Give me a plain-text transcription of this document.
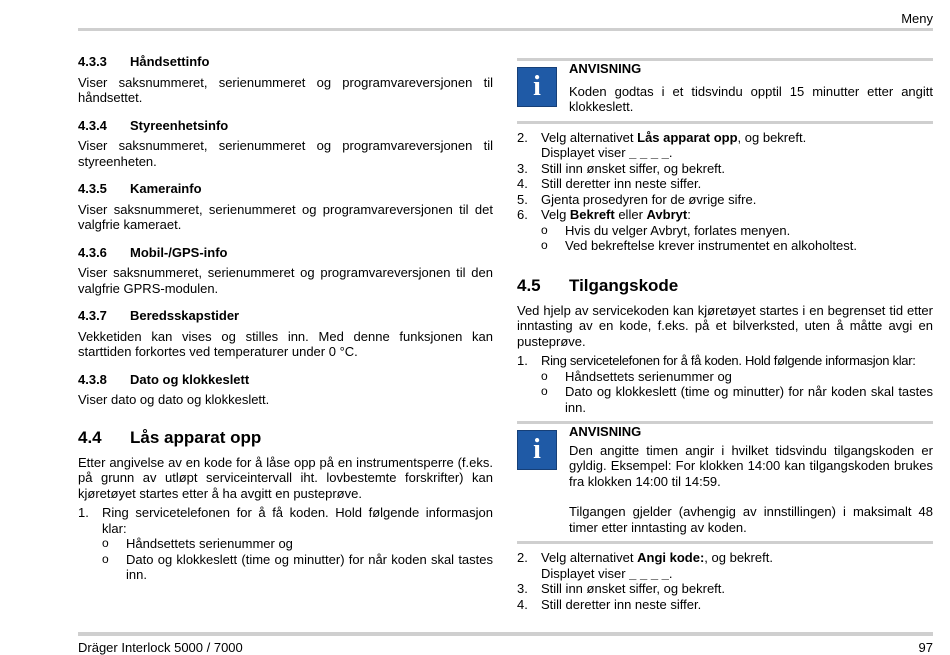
Meny
4.3.3	Håndsettinfo
Viser saksnummeret, serienummeret og programvareversjonen til håndsettet.
4.3.4	Styreenhetsinfo
Viser saksnummeret, serienummeret og programvareversjonen til styreenheten.
4.3.5	Kamerainfo
Viser saksnummeret, serienummeret og programvareversjonen til det valgfrie kameraet.
4.3.6	Mobil-/GPS-info
Viser saksnummeret, serienummeret og programvareversjonen til den valgfrie GPRS-modulen.
4.3.7	Beredsskapstider
Vekketiden kan vises og stilles inn. Med denne funksjonen kan starttiden forkortes ved temperaturer under 0 °C.
4.3.8	Dato og klokkeslett
Viser dato og dato og klokkeslett.
4.4	Lås apparat opp
Etter angivelse av en kode for å låse opp på en instrumentsperre (f.eks. på grunn av utløpt serviceintervall iht. lovbestemte forskrifter) kan kjøretøyet startes etter å ha avgitt en pusteprøve.
1.	Ring servicetelefonen for å få koden. Hold følgende informasjon klar:
o	Håndsettets serienummer og
o	Dato og klokkeslett (time og minutter) for når koden skal tastes inn.
i
ANVISNING
Koden godtas i et tidsvindu opptil 15 minutter etter angitt klokkeslett.
2.	Velg alternativet Lås apparat opp, og bekreft.
Displayet viser _ _ _ _.
3.	Still inn ønsket siffer, og bekreft.
4.	Still deretter inn neste siffer.
5.	Gjenta prosedyren for de øvrige sifre.
6.	Velg Bekreft eller Avbryt:
o	Hvis du velger Avbryt, forlates menyen.
o	Ved bekreftelse krever instrumentet en alkoholtest.
4.5	Tilgangskode
Ved hjelp av servicekoden kan kjøretøyet startes i en begrenset tid etter inntasting av en kode, f.eks. på et bilverksted, uten å måtte avgi en pusteprøve.
1.	Ring servicetelefonen for å få koden. Hold følgende informasjon klar:
o	Håndsettets serienummer og
o	Dato og klokkeslett (time og minutter) for når koden skal tastes inn.
i
ANVISNING
Den angitte timen angir i hvilket tidsvindu tilgangskoden er gyldig. Eksempel: For klokken 14:00 kan tilgangskoden brukes fra klokken 14:00 til 14:59.
Tilgangen gjelder (avhengig av innstillingen) i maksimalt 48 timer etter inntasting av koden.
2.	Velg alternativet Angi kode:, og bekreft.
Displayet viser _ _ _ _.
3.	Still inn ønsket siffer, og bekreft.
4.	Still deretter inn neste siffer.
Dräger Interlock 5000 / 7000	97
